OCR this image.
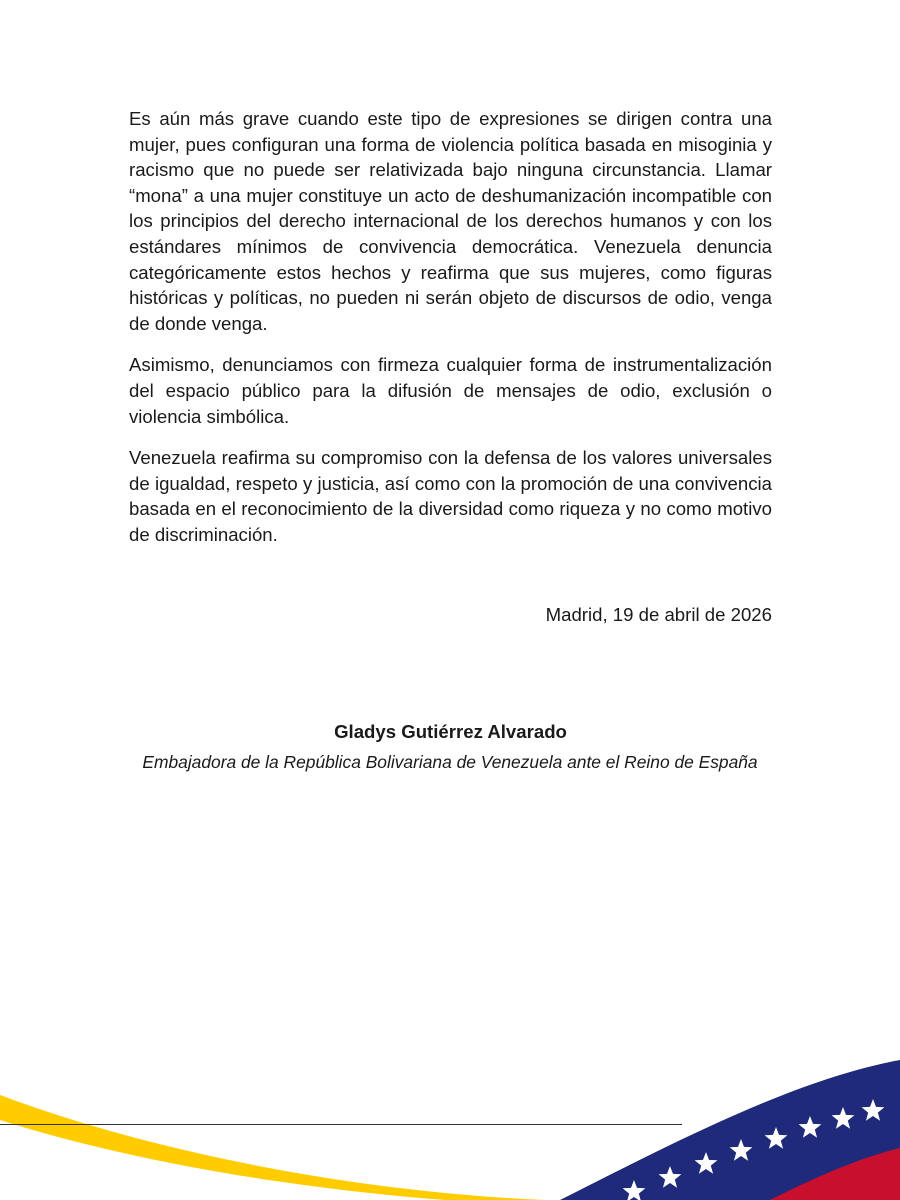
Es aún más grave cuando este tipo de expresiones se dirigen contra una mujer, pues configuran una forma de violencia política basada en misoginia y racismo que no puede ser relativizada bajo ninguna circunstancia. Llamar “mona” a una mujer constituye un acto de deshumanización incompatible con los principios del derecho internacional de los derechos humanos y con los estándares mínimos de convivencia democrática. Venezuela denuncia categóricamente estos hechos y reafirma que sus mujeres, como figuras históricas y políticas, no pueden ni serán objeto de discursos de odio, venga de donde venga.

Asimismo, denunciamos con firmeza cualquier forma de instrumentalización del espacio público para la difusión de mensajes de odio, exclusión o violencia simbólica.

Venezuela reafirma su compromiso con la defensa de los valores universales de igualdad, respeto y justicia, así como con la promoción de una convivencia basada en el reconocimiento de la diversidad como riqueza y no como motivo de discriminación.

Madrid, 19 de abril de 2026
Gladys Gutiérrez Alvarado
Embajadora de la República Bolivariana de Venezuela ante el Reino de España
